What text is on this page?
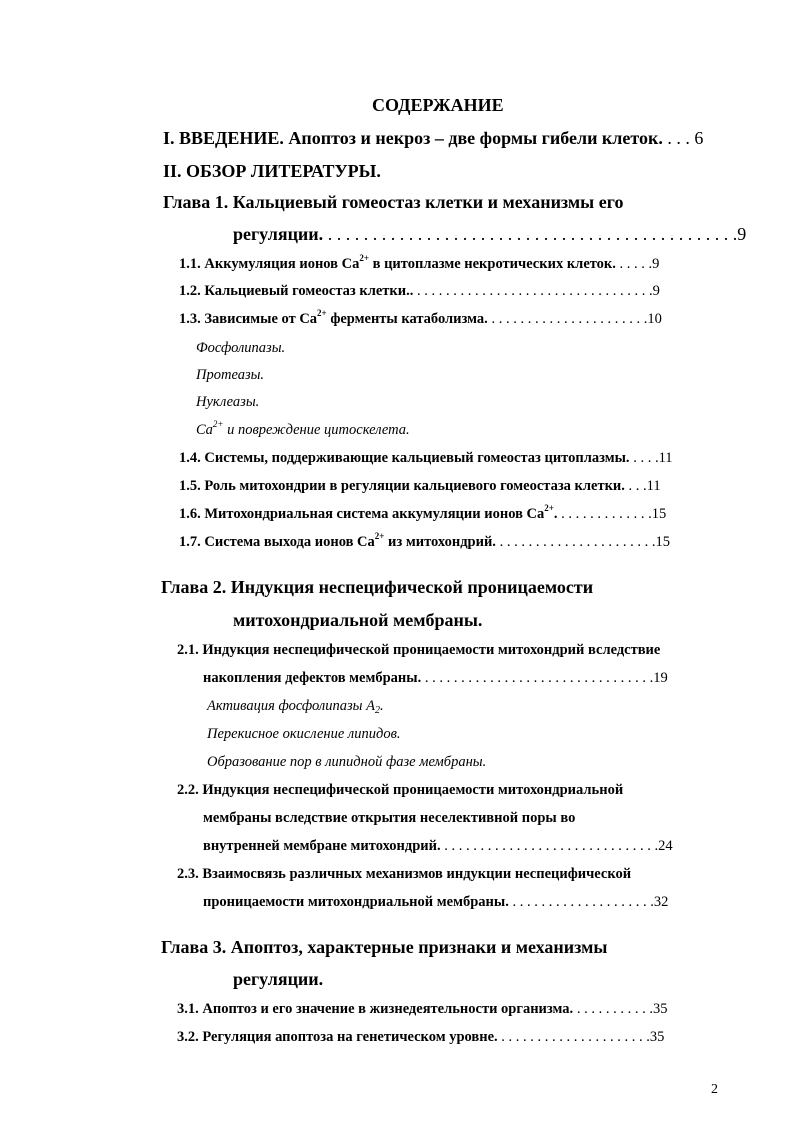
СОДЕРЖАНИЕ
I. ВВЕДЕНИЕ. Апоптоз и некроз – две формы гибели клеток. . . . 6
II. ОБЗОР ЛИТЕРАТУРЫ.
Глава 1. Кальциевый гомеостаз клетки и механизмы его
регуляции. . . . . . . . . . . . . . . . . . . . . . . . . . . . . . . . . . . . . . . . . . . . . . .9
1.1. Аккумуляция ионов $Ca^{2+}$ в цитоплазме некротических клеток. . . . . .9
1.2. Кальциевый гомеостаз клетки.. . . . . . . . . . . . . . . . . . . . . . . . . . . . . . . . . .9
1.3. Зависимые от $Ca^{2+}$ ферменты катаболизма. . . . . . . . . . . . . . . . . . . . . . .10
Фосфолипазы.
Протеазы.
Нуклеазы.
$Ca^{2+}$ и повреждение цитоскелета.
1.4. Системы, поддерживающие кальциевый гомеостаз цитоплазмы. . . . .11
1.5. Роль митохондрии в регуляции кальциевого гомеостаза клетки. . . .11
1.6. Митохондриальная система аккумуляции ионов $Ca^{2+}$. . . . . . . . . . . . . .15
1.7. Система выхода ионов $Ca^{2+}$ из митохондрий. . . . . . . . . . . . . . . . . . . . . . .15
Глава 2. Индукция неспецифической проницаемости
митохондриальной мембраны.
2.1. Индукция неспецифической проницаемости митохондрий вследствие
накопления дефектов мембраны. . . . . . . . . . . . . . . . . . . . . . . . . . . . . . . . .19
Активация фосфолипазы $A_2$.
Перекисное окисление липидов.
Образование пор в липидной фазе мембраны.
2.2. Индукция неспецифической проницаемости митохондриальной
мембраны вследствие открытия неселективной поры во
внутренней мембране митохондрий. . . . . . . . . . . . . . . . . . . . . . . . . . . . . . .24
2.3. Взаимосвязь различных механизмов индукции неспецифической
проницаемости митохондриальной мембраны. . . . . . . . . . . . . . . . . . . . .32
Глава 3. Апоптоз, характерные признаки и механизмы
регуляции.
3.1. Апоптоз и его значение в жизнедеятельности организма. . . . . . . . . . . .35
3.2. Регуляция апоптоза на генетическом уровне. . . . . . . . . . . . . . . . . . . . . .35
2
